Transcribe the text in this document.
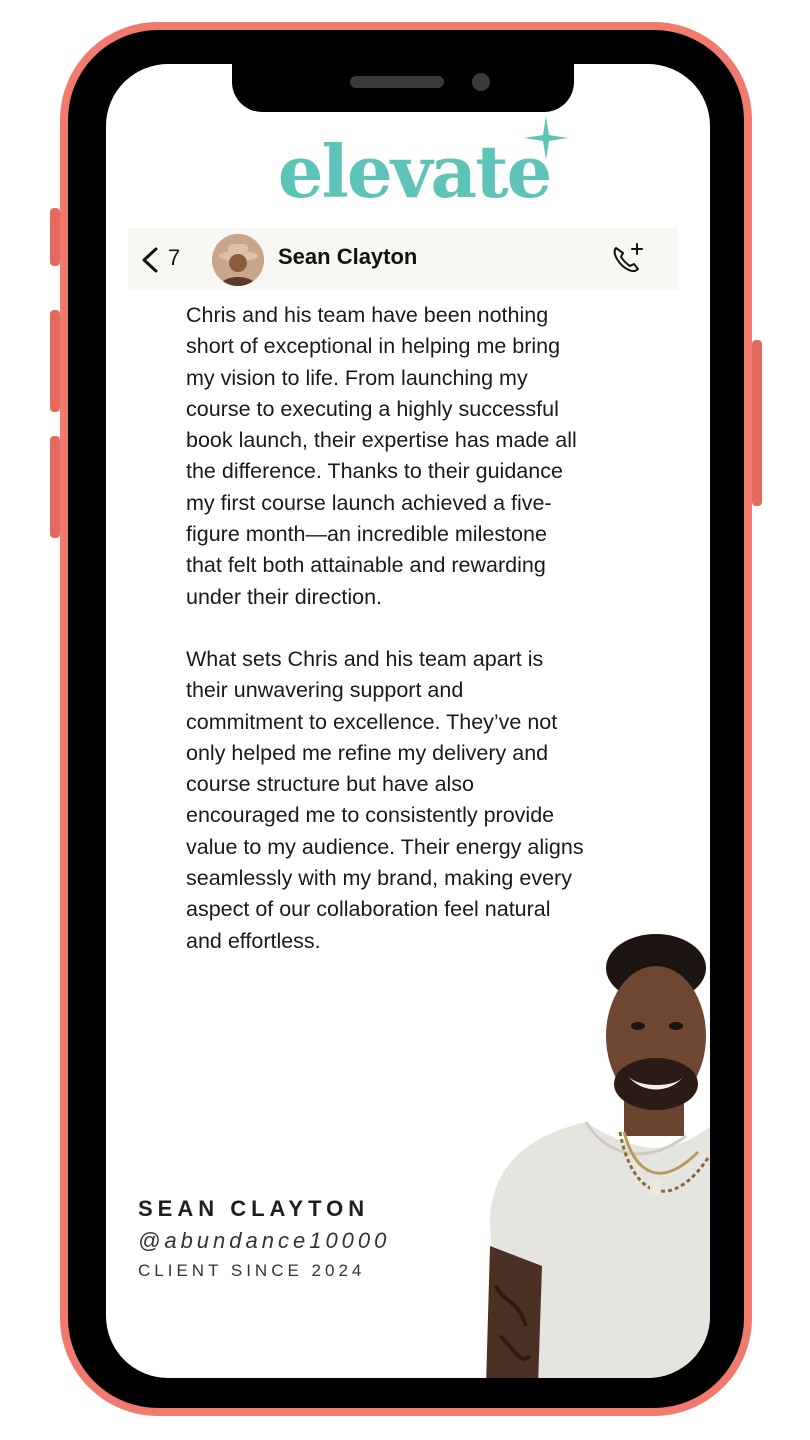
elevate
7	Sean Clayton

Chris and his team have been nothing short of exceptional in helping me bring my vision to life. From launching my course to executing a highly successful book launch, their expertise has made all the difference. Thanks to their guidance my first course launch achieved a five-figure month—an incredible milestone that felt both attainable and rewarding under their direction.

What sets Chris and his team apart is their unwavering support and commitment to excellence. They’ve not only helped me refine my delivery and course structure but have also encouraged me to consistently provide value to my audience. Their energy aligns seamlessly with my brand, making every aspect of our collaboration feel natural and effortless.

SEAN CLAYTON
@abundance10000
CLIENT SINCE 2024
